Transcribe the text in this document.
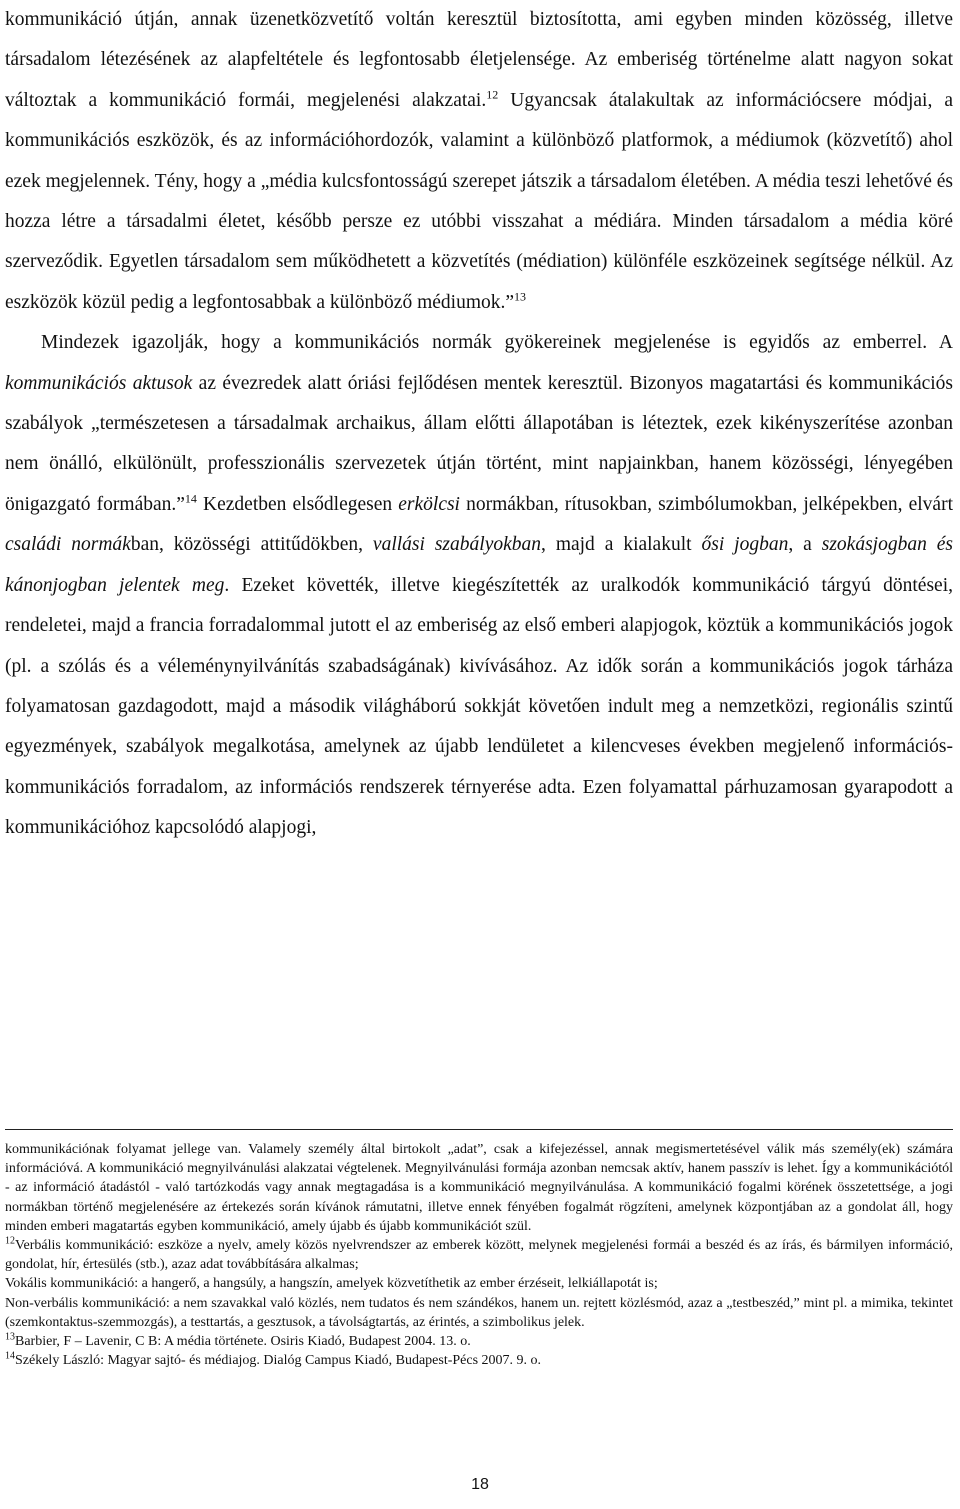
kommunikáció útján, annak üzenetközvetítő voltán keresztül biztosította, ami egyben minden közösség, illetve társadalom létezésének az alapfeltétele és legfontosabb életjelensége. Az emberiség történelme alatt nagyon sokat változtak a kommunikáció formái, megjelenési alakzatai.$^{12}$ Ugyancsak átalakultak az információcsere módjai, a kommunikációs eszközök, és az információhordozók, valamint a különböző platformok, a médiumok (közvetítő) ahol ezek megjelennek. Tény, hogy a „média kulcsfontosságú szerepet játszik a társadalom életében. A média teszi lehetővé és hozza létre a társadalmi életet, később persze ez utóbbi visszahat a médiára. Minden társadalom a média köré szerveződik. Egyetlen társadalom sem működhetett a közvetítés (médiation) különféle eszközeinek segítsége nélkül. Az eszközök közül pedig a legfontosabbak a különböző médiumok.”$^{13}$

Mindezek igazolják, hogy a kommunikációs normák gyökereinek megjelenése is egyidős az emberrel. A kommunikációs aktusok az évezredek alatt óriási fejlődésen mentek keresztül. Bizonyos magatartási és kommunikációs szabályok „természetesen a társadalmak archaikus, állam előtti állapotában is léteztek, ezek kikényszerítése azonban nem önálló, elkülönült, professzionális szervezetek útján történt, mint napjainkban, hanem közösségi, lényegében önigazgató formában.”$^{14}$ Kezdetben elsődlegesen erkölcsi normákban, rítusokban, szimbólumokban, jelképekben, elvárt családi normákban, közösségi attitűdökben, vallási szabályokban, majd a kialakult ősi jogban, a szokásjogban és kánonjogban jelentek meg. Ezeket követték, illetve kiegészítették az uralkodók kommunikáció tárgyú döntései, rendeletei, majd a francia forradalommal jutott el az emberiség az első emberi alapjogok, köztük a kommunikációs jogok (pl. a szólás és a véleménynyilvánítás szabadságának) kivívásához. Az idők során a kommunikációs jogok tárháza folyamatosan gazdagodott, majd a második világháború sokkját követően indult meg a nemzetközi, regionális szintű egyezmények, szabályok megalkotása, amelynek az újabb lendületet a kilencveses években megjelenő információs-kommunikációs forradalom, az információs rendszerek térnyerése adta. Ezen folyamattal párhuzamosan gyarapodott a kommunikációhoz kapcsolódó alapjogi,

kommunikációnak folyamat jellege van. Valamely személy által birtokolt „adat”, csak a kifejezéssel, annak megismertetésével válik más személy(ek) számára információvá. A kommunikáció megnyilvánulási alakzatai végtelenek. Megnyilvánulási formája azonban nemcsak aktív, hanem passzív is lehet. Így a kommunikációtól - az információ átadástól - való tartózkodás vagy annak megtagadása is a kommunikáció megnyilvánulása. A kommunikáció fogalmi körének összetettsége, a jogi normákban történő megjelenésére az értekezés során kívánok rámutatni, illetve ennek fényében fogalmát rögzíteni, amelynek központjában az a gondolat áll, hogy minden emberi magatartás egyben kommunikáció, amely újabb és újabb kommunikációt szül.

$^{12}$Verbális kommunikáció: eszköze a nyelv, amely közös nyelvrendszer az emberek között, melynek megjelenési formái a beszéd és az írás, és bármilyen információ, gondolat, hír, értesülés (stb.), azaz adat továbbítására alkalmas;

Vokális kommunikáció: a hangerő, a hangsúly, a hangszín, amelyek közvetíthetik az ember érzéseit, lelkiállapotát is;

Non-verbális kommunikáció: a nem szavakkal való közlés, nem tudatos és nem szándékos, hanem un. rejtett közlésmód, azaz a „testbeszéd,” mint pl. a mimika, tekintet (szemkontaktus-szemmozgás), a testtartás, a gesztusok, a távolságtartás, az érintés, a szimbolikus jelek.

$^{13}$Barbier, F – Lavenir, C B: A média története. Osiris Kiadó, Budapest 2004. 13. o.

$^{14}$Székely László: Magyar sajtó- és médiajog. Dialóg Campus Kiadó, Budapest-Pécs 2007. 9. o.

18
